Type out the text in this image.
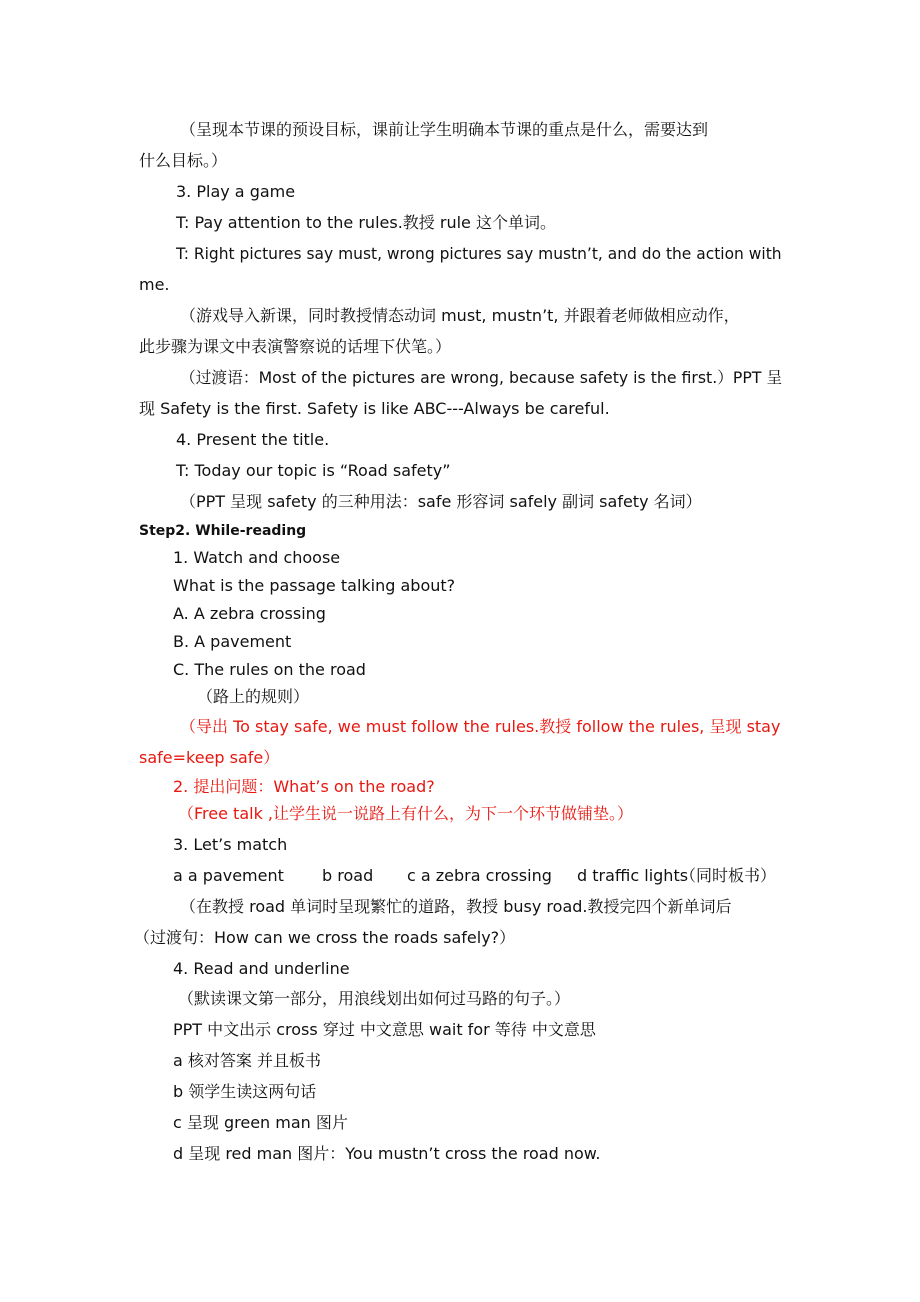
（呈现本节课的预设目标，课前让学生明确本节课的重点是什么，需要达到
什么目标。）
3. Play a game
T: Pay attention to the rules.教授 rule 这个单词。
T: Right pictures say must, wrong pictures say mustn’t, and do the action with
me.
（游戏导入新课，同时教授情态动词 must, mustn’t, 并跟着老师做相应动作，
此步骤为课文中表演警察说的话埋下伏笔。）
（过渡语：Most of the pictures are wrong, because safety is the first.）PPT 呈
现 Safety is the first. Safety is like ABC---Always be careful.
4. Present the title.
T: Today our topic is “Road safety”
（PPT 呈现 safety 的三种用法：safe 形容词 safely 副词 safety 名词）
Step2. While-reading
1. Watch and choose
What is the passage talking about?
A. A zebra crossing
B. A pavement
C. The rules on the road
（路上的规则）
（导出 To stay safe, we must follow the rules.教授 follow the rules, 呈现 stay
safe=keep safe）
2. 提出问题：What’s on the road?
（Free talk ,让学生说一说路上有什么，为下一个环节做铺垫。）
3. Let’s match
a a pavement b road c a zebra crossing d traffic lights
（同时板书）
（在教授 road 单词时呈现繁忙的道路，教授 busy road.教授完四个新单词后
（过渡句：How can we cross the roads safely?）
4. Read and underline
（默读课文第一部分，用浪线划出如何过马路的句子。）
PPT 中文出示 cross 穿过 中文意思 wait for 等待 中文意思
a 核对答案 并且板书
b 领学生读这两句话
c 呈现 green man 图片
d 呈现 red man 图片：You mustn’t cross the road now.
